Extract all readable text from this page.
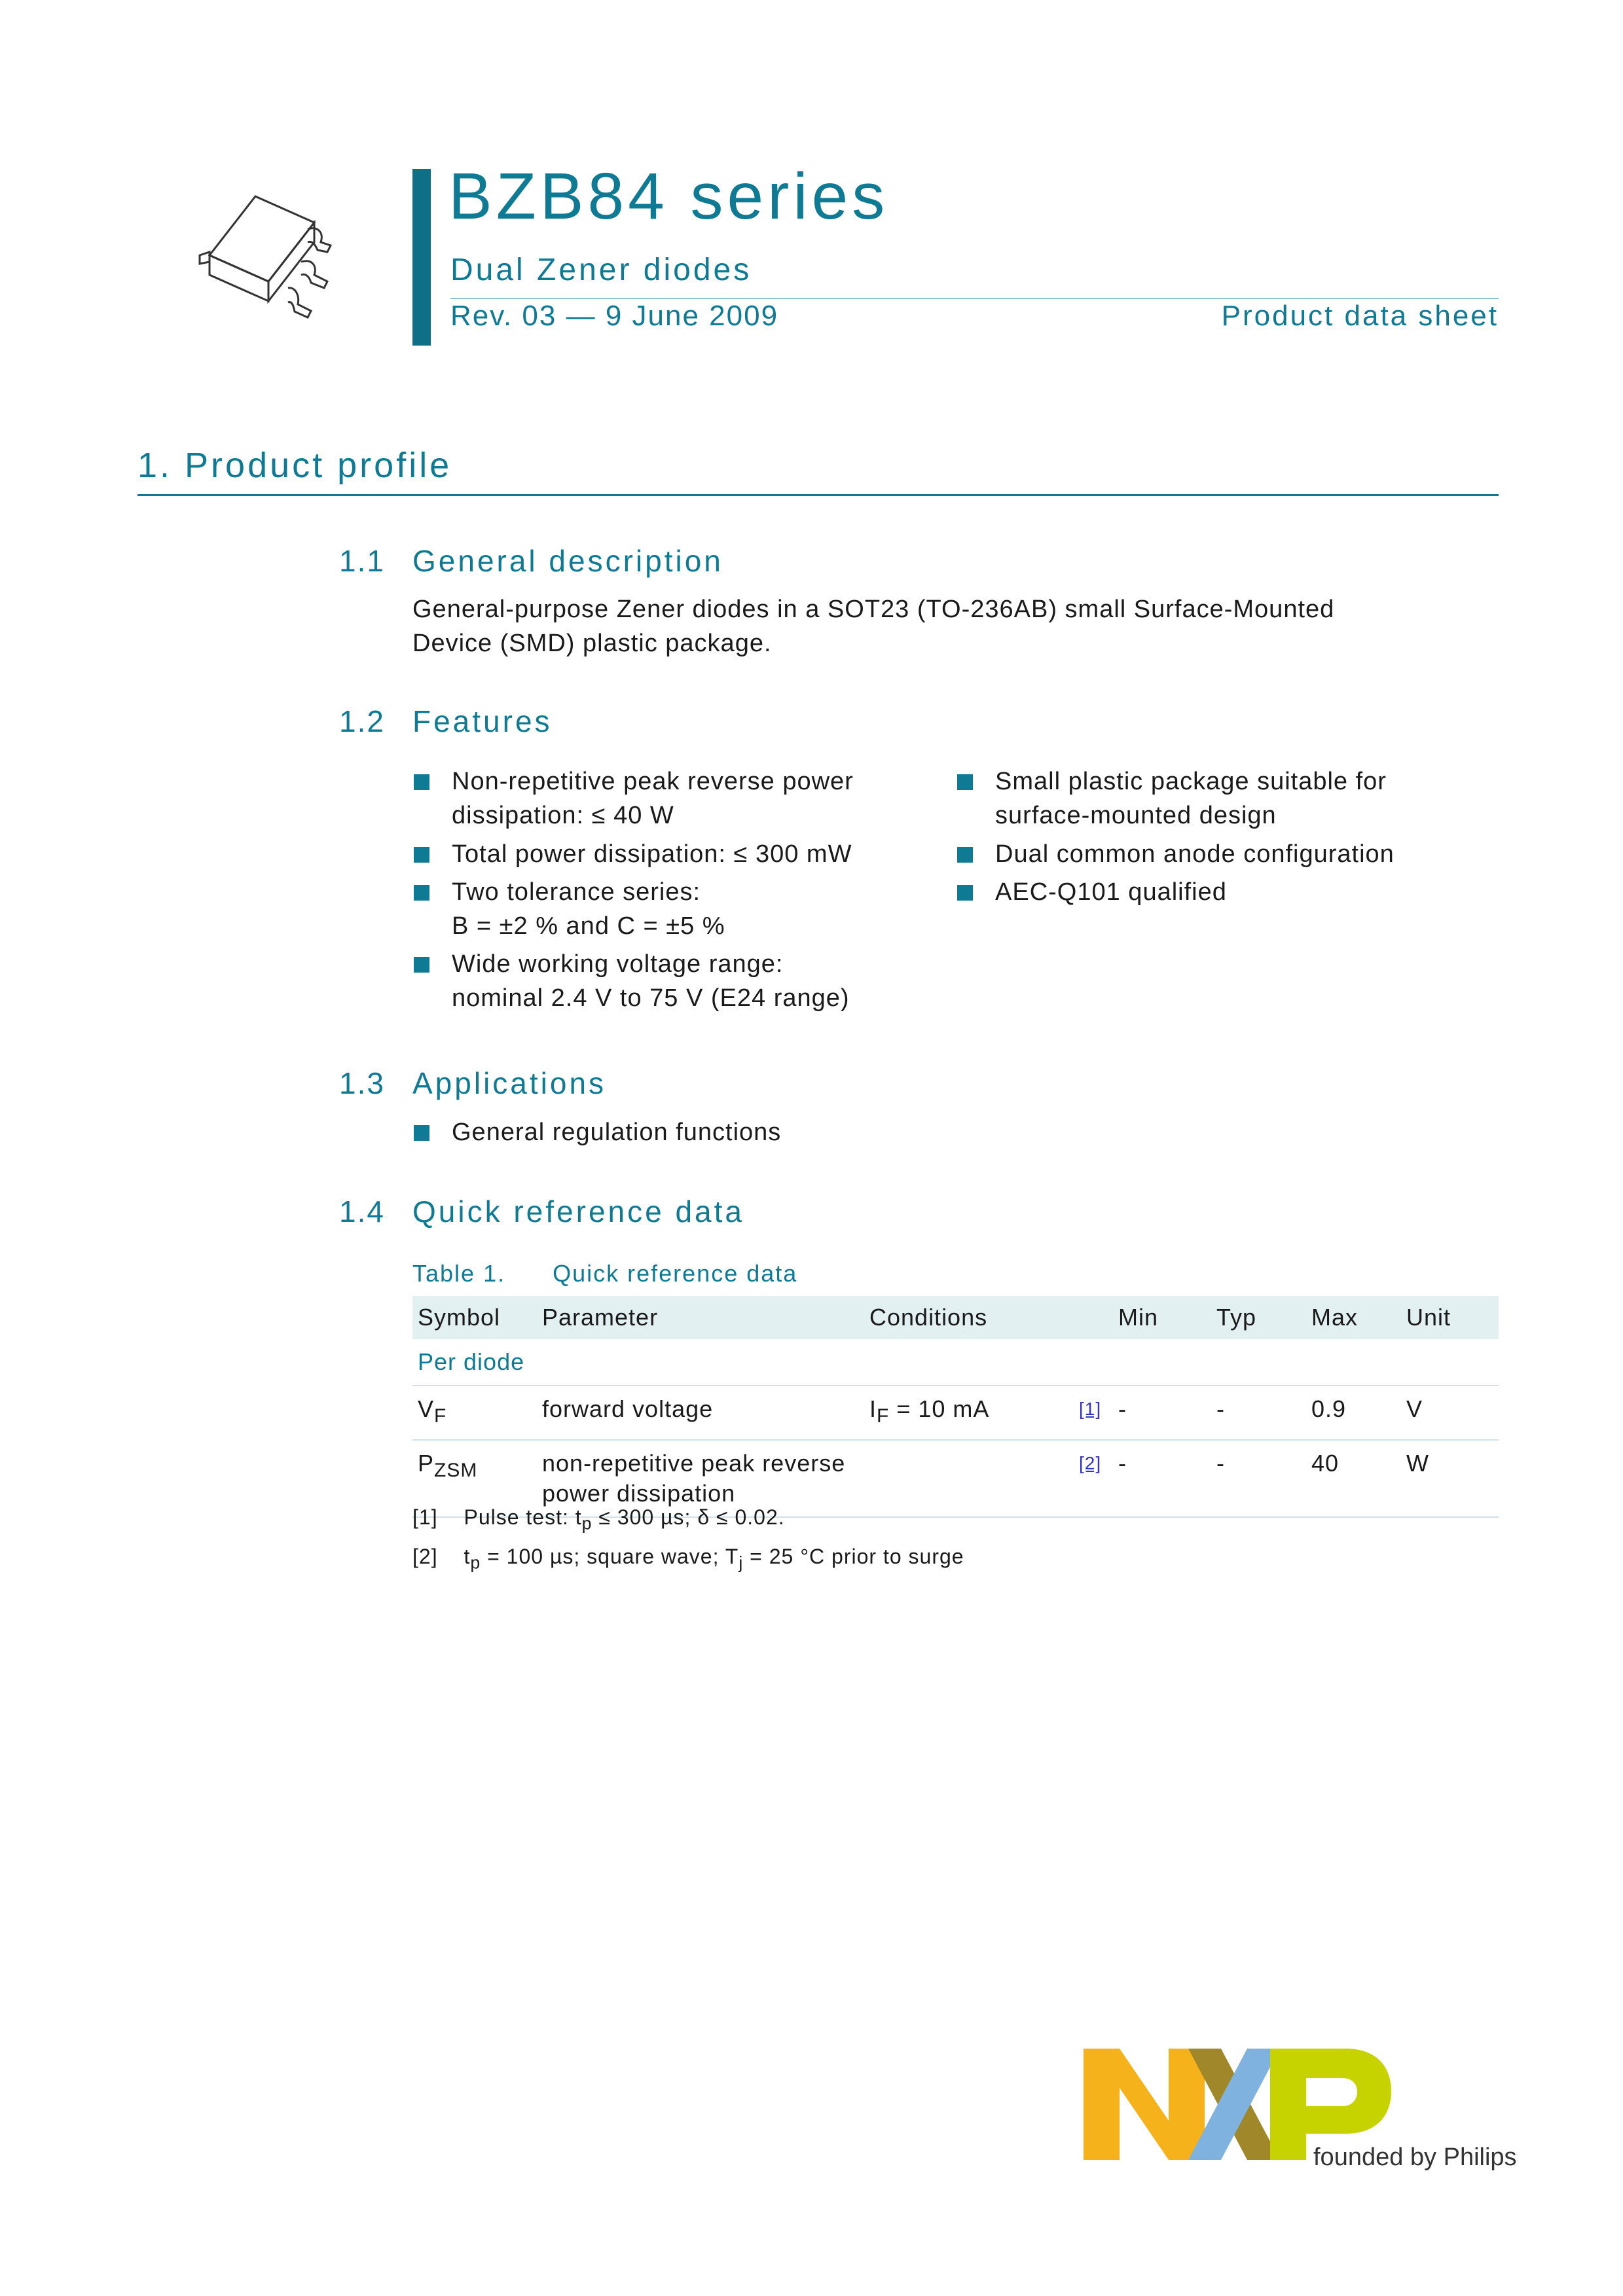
BZB84 series
Dual Zener diodes
Rev. 03 — 9 June 2009	Product data sheet
1. Product profile
1.1 General description
General-purpose Zener diodes in a SOT23 (TO-236AB) small Surface-Mounted
Device (SMD) plastic package.
1.2 Features
Non-repetitive peak reverse power
dissipation: ≤ 40 W
Total power dissipation: ≤ 300 mW
Two tolerance series:
B = ±2 % and C = ±5 %
Wide working voltage range:
nominal 2.4 V to 75 V (E24 range)
Small plastic package suitable for
surface-mounted design
Dual common anode configuration
AEC-Q101 qualified
1.3 Applications
General regulation functions
1.4 Quick reference data
Table 1. Quick reference data
Symbol	Parameter	Conditions		Min	Typ	Max	Unit
Per diode							
$V_F$	forward voltage	$I_F = 10$ mA	[1]	-	-	0.9	V
$P_{ZSM}$	non-repetitive peak reverse
power dissipation		[2]	-	-	40	W
[1] Pulse test: $t_p \le 300$ µs; δ ≤ 0.02.
[2] $t_p = 100$ µs; square wave; $T_j = 25$ °C prior to surge
founded by Philips
